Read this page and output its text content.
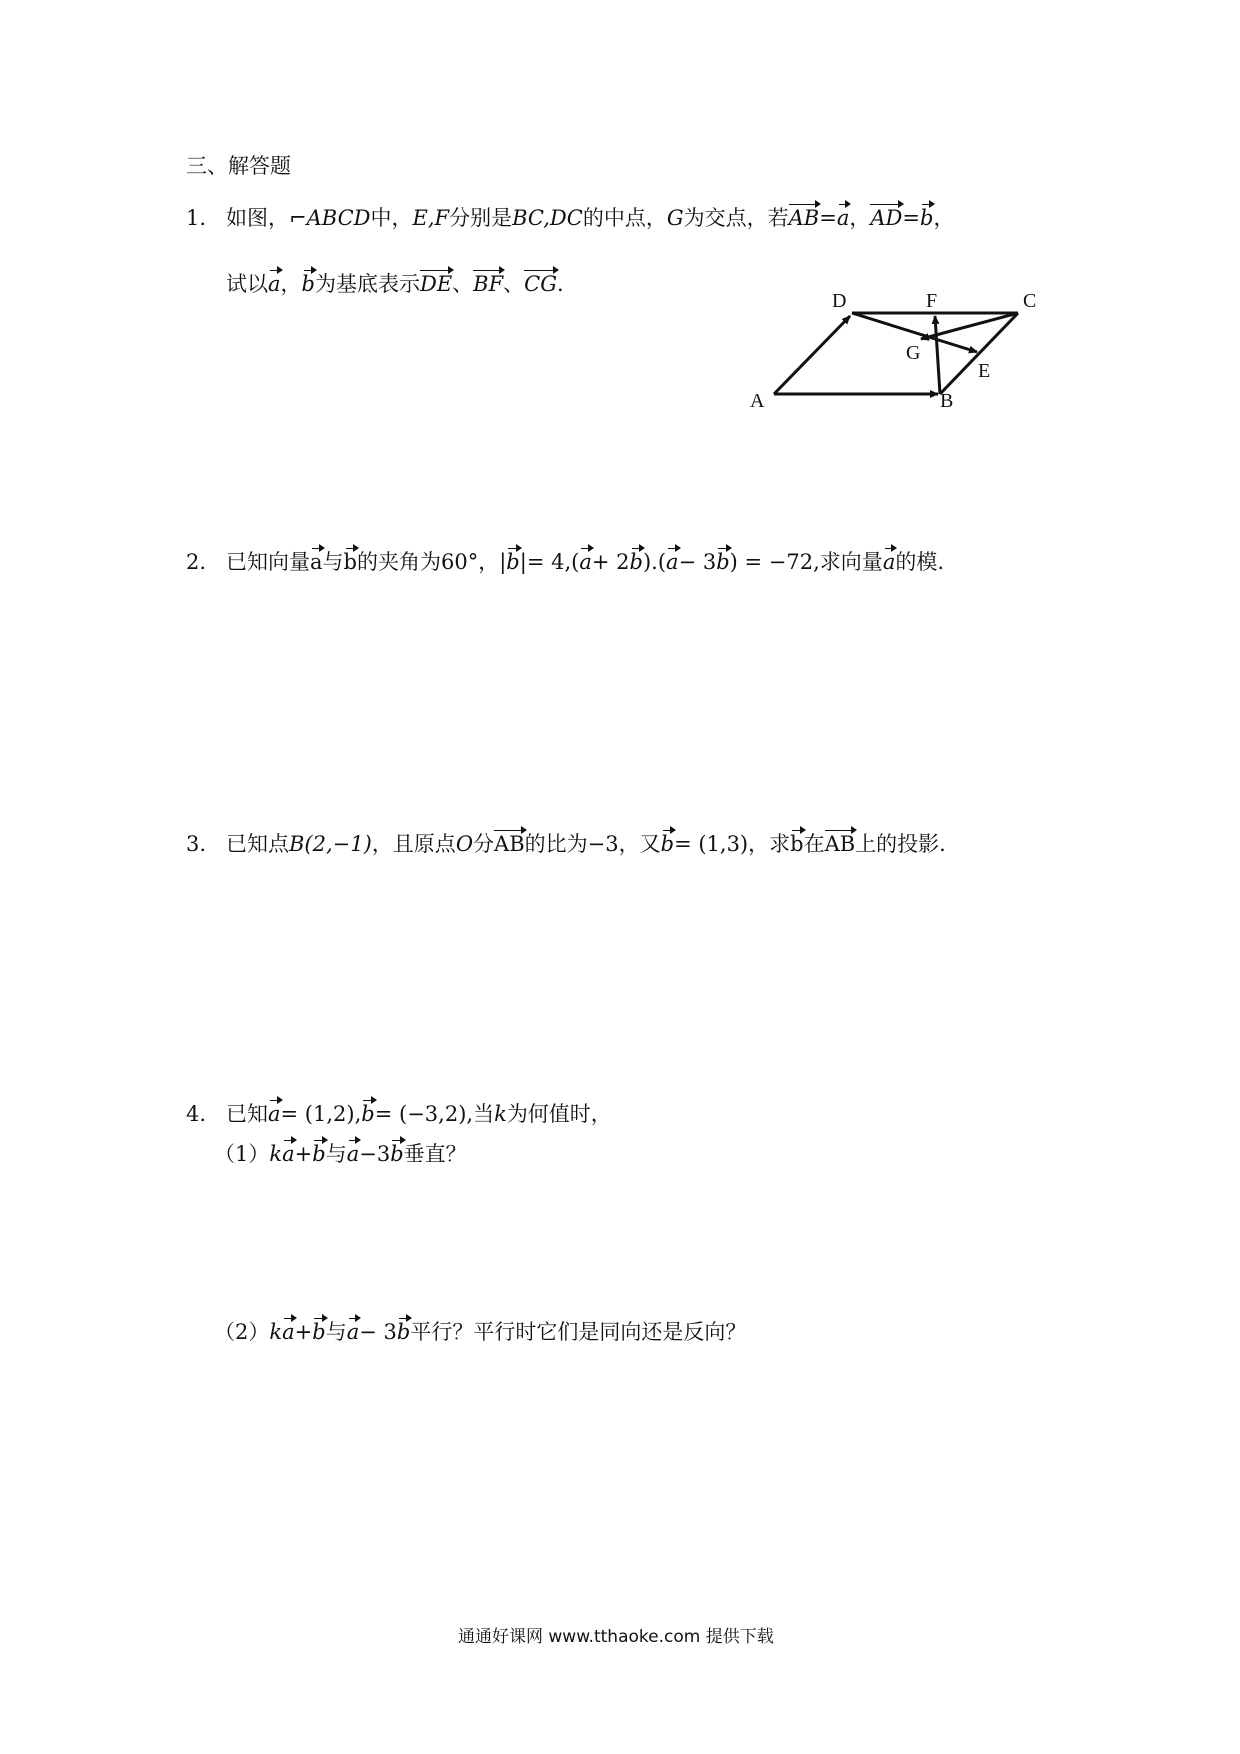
三、解答题
1. 如图，⌐ABCD中，E,F分别是BC,DC的中点，G为交点，若AB=a，AD=b，
试以a，b为基底表示DE、BF、CG.
D	F	C
G
E
A	B
2. 已知向量a与b的夹角为60°，|b|= 4,(a+ 2b).(a− 3b) = −72,求向量a的模.
3. 已知点B(2,−1)，且原点O分AB的比为−3，又b= (1,3)，求b在AB上的投影.
4. 已知a= (1,2),b= (−3,2),当k为何值时，
（1）ka+b与a−3b垂直？
（2）ka+b与a− 3b平行？平行时它们是同向还是反向？
通通好课网 www.tthaoke.com 提供下载
